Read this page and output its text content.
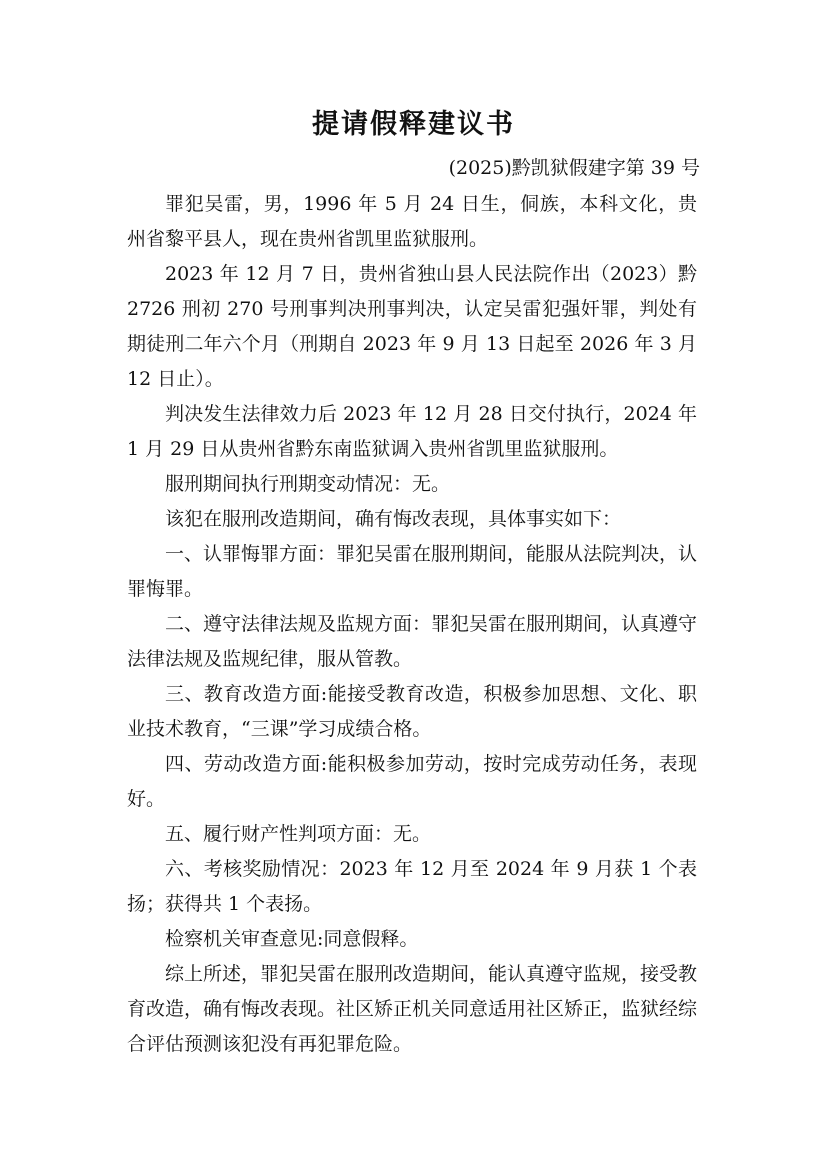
提请假释建议书
(2025)黔凯狱假建字第 39 号

罪犯吴雷，男，1996 年 5 月 24 日生，侗族，本科文化，贵州省黎平县人，现在贵州省凯里监狱服刑。

2023 年 12 月 7 日，贵州省独山县人民法院作出（2023）黔 2726 刑初 270 号刑事判决刑事判决，认定吴雷犯强奸罪，判处有期徒刑二年六个月（刑期自 2023 年 9 月 13 日起至 2026 年 3 月 12 日止）。

判决发生法律效力后 2023 年 12 月 28 日交付执行，2024 年 1 月 29 日从贵州省黔东南监狱调入贵州省凯里监狱服刑。

服刑期间执行刑期变动情况：无。

该犯在服刑改造期间，确有悔改表现，具体事实如下：

一、认罪悔罪方面：罪犯吴雷在服刑期间，能服从法院判决，认罪悔罪。

二、遵守法律法规及监规方面：罪犯吴雷在服刑期间，认真遵守法律法规及监规纪律，服从管教。

三、教育改造方面:能接受教育改造，积极参加思想、文化、职业技术教育，“三课”学习成绩合格。

四、劳动改造方面:能积极参加劳动，按时完成劳动任务，表现好。

五、履行财产性判项方面：无。

六、考核奖励情况：2023 年 12 月至 2024 年 9 月获 1 个表扬；获得共 1 个表扬。

检察机关审查意见:同意假释。

综上所述，罪犯吴雷在服刑改造期间，能认真遵守监规，接受教育改造，确有悔改表现。社区矫正机关同意适用社区矫正，监狱经综合评估预测该犯没有再犯罪危险。
